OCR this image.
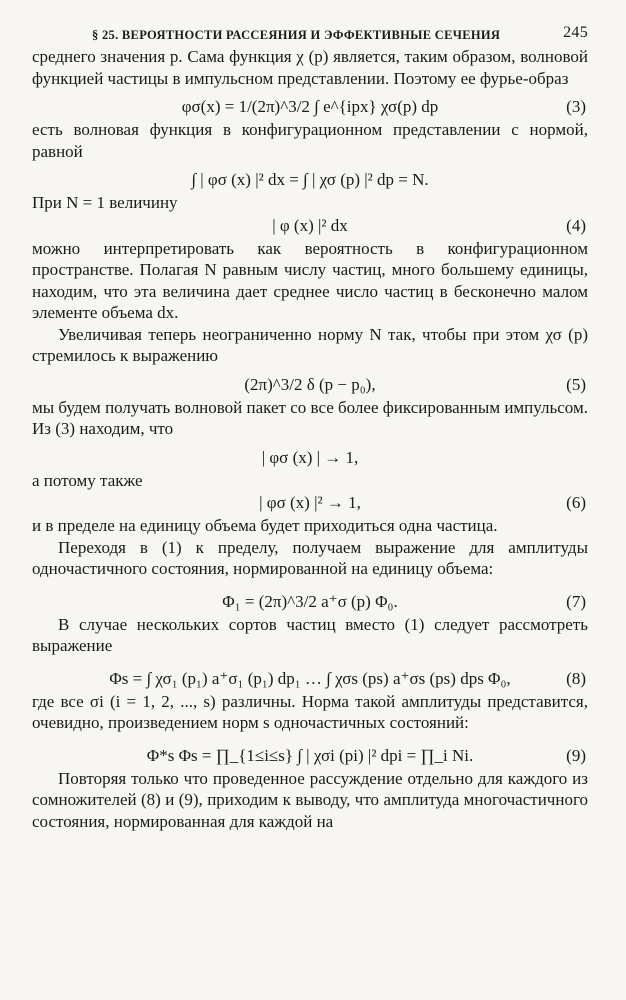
§ 25. ВЕРОЯТНОСТИ РАССЕЯНИЯ И ЭФФЕКТИВНЫЕ СЕЧЕНИЯ	245

среднего значения p. Сама функция χ (p) является, таким образом, волновой функцией частицы в импульсном представлении. Поэтому ее фурье-образ

φσ(x) = 1/(2π)^3/2 ∫ e^{ipx} χσ(p) dp	(3)

есть волновая функция в конфигурационном представлении с нормой, равной

∫ | φσ (x) |² dx = ∫ | χσ (p) |² dp = N.

При N = 1 величину

| φ (x) |² dx	(4)

можно интерпретировать как вероятность в конфигурационном пространстве. Полагая N равным числу частиц, много большему единицы, находим, что эта величина дает среднее число частиц в бесконечно малом элементе объема dx.

Увеличивая теперь неограниченно норму N так, чтобы при этом χσ (p) стремилось к выражению

(2π)^3/2 δ (p − p₀),	(5)

мы будем получать волновой пакет со все более фиксированным импульсом. Из (3) находим, что

| φσ (x) | → 1,

а потому также

| φσ (x) |² → 1,	(6)

и в пределе на единицу объема будет приходиться одна частица.

Переходя в (1) к пределу, получаем выражение для амплитуды одночастичного состояния, нормированной на единицу объема:

Φ₁ = (2π)^3/2 a⁺σ (p) Φ₀.	(7)

В случае нескольких сортов частиц вместо (1) следует рассмотреть выражение

Φs = ∫ χσ₁ (p₁) a⁺σ₁ (p₁) dp₁ … ∫ χσs (ps) a⁺σs (ps) dps Φ₀,	(8)

где все σi (i = 1, 2, ..., s) различны. Норма такой амплитуды представится, очевидно, произведением норм s одночастичных состояний:

Φ*s Φs = ∏_{1≤i≤s} ∫ | χσi (pi) |² dpi = ∏_i Ni.	(9)

Повторяя только что проведенное рассуждение отдельно для каждого из сомножителей (8) и (9), приходим к выводу, что амплитуда многочастичного состояния, нормированная для каждой на
